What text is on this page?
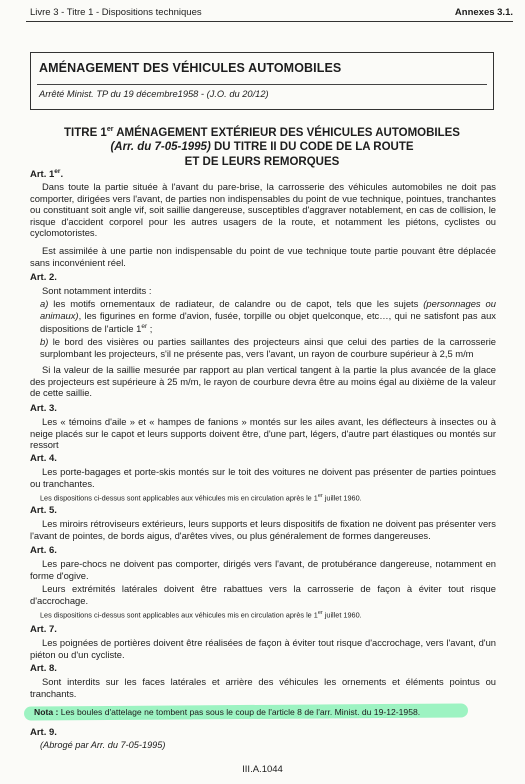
Livre 3 - Titre 1 - Dispositions techniques	Annexes 3.1.
AMÉNAGEMENT DES VÉHICULES AUTOMOBILES
Arrêté Minist. TP du 19 décembre1958 - (J.O. du 20/12)
TITRE 1er AMÉNAGEMENT EXTÉRIEUR DES VÉHICULES AUTOMOBILES
(Arr. du 7-05-1995) DU TITRE II DU CODE DE LA ROUTE
ET DE LEURS REMORQUES
Art. 1er.
Dans toute la partie située à l'avant du pare-brise, la carrosserie des véhicules automobiles ne doit pas comporter, dirigées vers l'avant, de parties non indispensables du point de vue technique, pointues, tranchantes ou constituant soit angle vif, soit saillie dangereuse, susceptibles d'aggraver notablement, en cas de collision, le risque d'accident corporel pour les autres usagers de la route, et notamment les piétons, cyclistes ou cyclomotoristes.
Est assimilée à une partie non indispensable du point de vue technique toute partie pouvant être déplacée sans inconvénient réel.
Art. 2.
Sont notamment interdits :
a) les motifs ornementaux de radiateur, de calandre ou de capot, tels que les sujets (personnages ou animaux), les figurines en forme d'avion, fusée, torpille ou objet quelconque, etc…, qui ne satisfont pas aux dispositions de l'article 1er ;
b) le bord des visières ou parties saillantes des projecteurs ainsi que celui des parties de la carrosserie surplombant les projecteurs, s'il ne présente pas, vers l'avant, un rayon de courbure supérieur à 2,5 m/m
Si la valeur de la saillie mesurée par rapport au plan vertical tangent à la partie la plus avancée de la glace des projecteurs est supérieure à 25 m/m, le rayon de courbure devra être au moins égal au dixième de la valeur de cette saillie.
Art. 3.
Les « témoins d'aile » et « hampes de fanions » montés sur les ailes avant, les déflecteurs à insectes ou à neige placés sur le capot et leurs supports doivent être, d'une part, légers, d'autre part élastiques ou montés sur ressort
Art. 4.
Les porte-bagages et porte-skis montés sur le toit des voitures ne doivent pas présenter de parties pointues ou tranchantes.
Les dispositions ci-dessus sont applicables aux véhicules mis en circulation après le 1er juillet 1960.
Art. 5.
Les miroirs rétroviseurs extérieurs, leurs supports et leurs dispositifs de fixation ne doivent pas présenter vers l'avant de pointes, de bords aigus, d'arêtes vives, ou plus généralement de formes dangereuses.
Art. 6.
Les pare-chocs ne doivent pas comporter, dirigés vers l'avant, de protubérance dangereuse, notamment en forme d'ogive.
Leurs extrémités latérales doivent être rabattues vers la carrosserie de façon à éviter tout risque d'accrochage.
Les dispositions ci-dessus sont applicables aux véhicules mis en circulation après le 1er juillet 1960.
Art. 7.
Les poignées de portières doivent être réalisées de façon à éviter tout risque d'accrochage, vers l'avant, d'un piéton ou d'un cycliste.
Art. 8.
Sont interdits sur les faces latérales et arrière des véhicules les ornements et éléments pointus ou tranchants.
Nota : Les boules d'attelage ne tombent pas sous le coup de l'article 8 de l'arr. Minist. du 19-12-1958.
Art. 9.
(Abrogé par Arr. du 7-05-1995)
III.A.1044
